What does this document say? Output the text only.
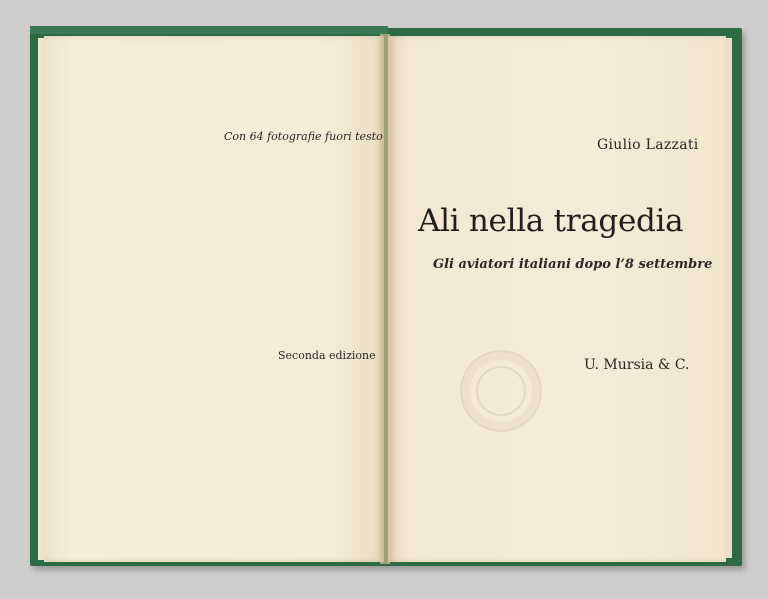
Con 64 fotografie fuori testo
Seconda edizione
Giulio Lazzati
Ali nella tragedia
Gli aviatori italiani dopo l’8 settembre
U. Mursia & C.
